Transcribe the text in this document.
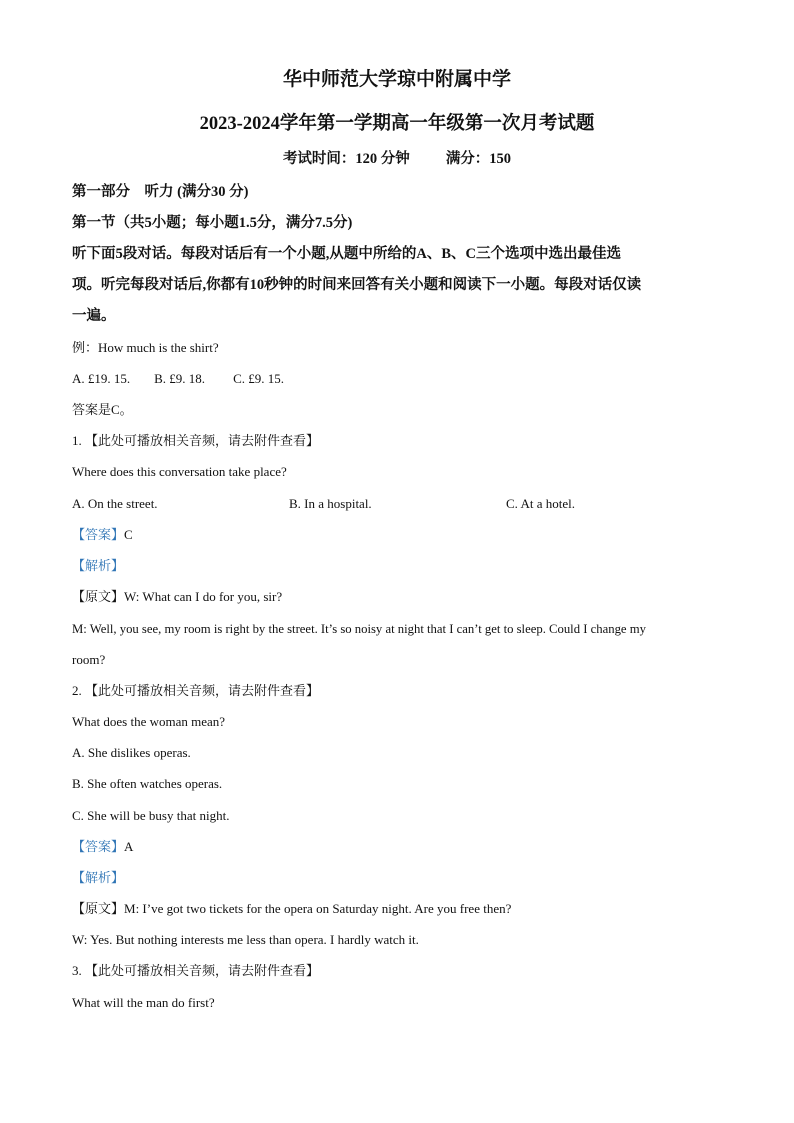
华中师范大学琼中附属中学
2023-2024学年第一学期高一年级第一次月考试题
考试时间：120 分钟 满分：150
第一部分　听力 (满分30 分)
第一节（共5小题；每小题1.5分，满分7.5分)
听下面5段对话。每段对话后有一个小题,从题中所给的A、B、C三个选项中选出最佳选
项。听完每段对话后,你都有10秒钟的时间来回答有关小题和阅读下一小题。每段对话仅读
一遍。
例：How much is the shirt?
A. £19. 15. B. £9. 18. C. £9. 15.
答案是C。
1. 【此处可播放相关音频，请去附件查看】
Where does this conversation take place?
A. On the street.	B. In a hospital.	C. At a hotel.
【答案】C
【解析】
【原文】W: What can I do for you, sir?
M: Well, you see, my room is right by the street. It’s so noisy at night that I can’t get to sleep. Could I change my
room?
2. 【此处可播放相关音频，请去附件查看】
What does the woman mean?
A. She dislikes operas.
B. She often watches operas.
C. She will be busy that night.
【答案】A
【解析】
【原文】M: I’ve got two tickets for the opera on Saturday night. Are you free then?
W: Yes. But nothing interests me less than opera. I hardly watch it.
3. 【此处可播放相关音频，请去附件查看】
What will the man do first?
